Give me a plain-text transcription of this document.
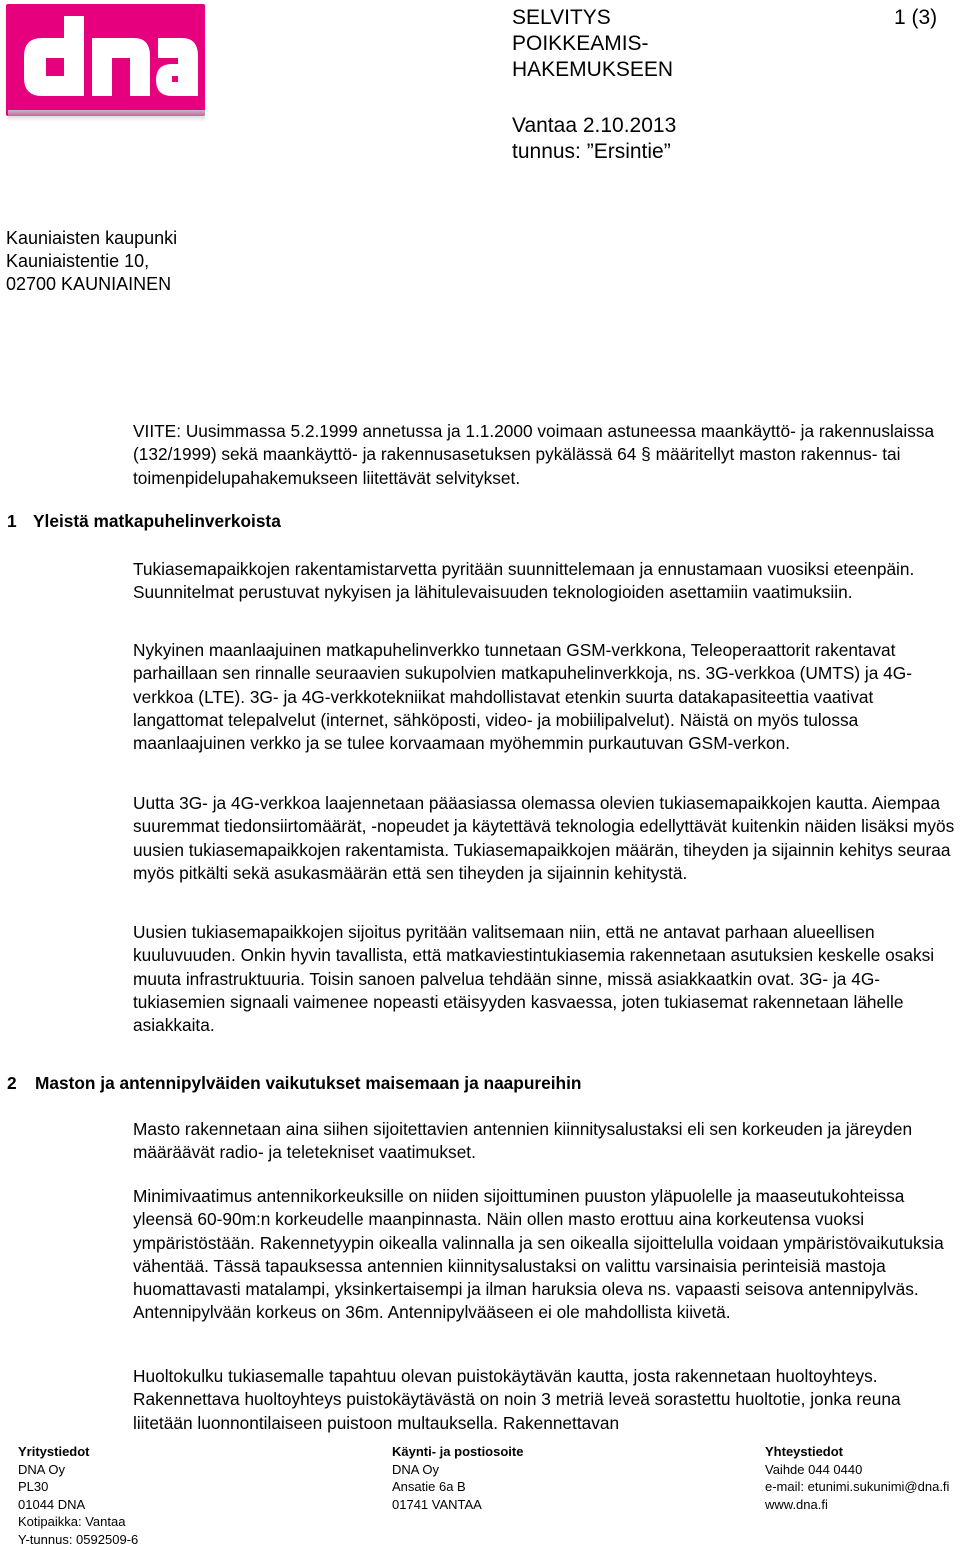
SELVITYS
POIKKEAMIS-
HAKEMUKSEEN
1 (3)
Vantaa 2.10.2013
tunnus: ”Ersintie”
Kauniaisten kaupunki
Kauniaistentie 10,
02700 KAUNIAINEN
VIITE: Uusimmassa 5.2.1999 annetussa ja 1.1.2000 voimaan astuneessa maankäyttö- ja rakennuslaissa (132/1999) sekä maankäyttö- ja rakennusasetuksen pykälässä 64 § määritellyt maston rakennus- tai toimenpidelupahakemukseen liitettävät selvitykset.
1 Yleistä matkapuhelinverkoista
Tukiasemapaikkojen rakentamistarvetta pyritään suunnittelemaan ja ennustamaan vuosiksi eteenpäin. Suunnitelmat perustuvat nykyisen ja lähitulevaisuuden teknologioiden asettamiin vaatimuksiin.
Nykyinen maanlaajuinen matkapuhelinverkko tunnetaan GSM-verkkona, Teleoperaattorit rakentavat parhaillaan sen rinnalle seuraavien sukupolvien matkapuhelinverkkoja, ns. 3G-verkkoa (UMTS) ja 4G-verkkoa (LTE). 3G- ja 4G-verkkotekniikat mahdollistavat etenkin suurta datakapasiteettia vaativat langattomat telepalvelut (internet, sähköposti, video- ja mobiilipalvelut). Näistä on myös tulossa maanlaajuinen verkko ja se tulee korvaamaan myöhemmin purkautuvan GSM-verkon.
Uutta 3G- ja 4G-verkkoa laajennetaan pääasiassa olemassa olevien tukiasemapaikkojen kautta. Aiempaa suuremmat tiedonsiirtomäärät, -nopeudet ja käytettävä teknologia edellyttävät kuitenkin näiden lisäksi myös uusien tukiasemapaikkojen rakentamista. Tukiasemapaikkojen määrän, tiheyden ja sijainnin kehitys seuraa myös pitkälti sekä asukasmäärän että sen tiheyden ja sijainnin kehitystä.
Uusien tukiasemapaikkojen sijoitus pyritään valitsemaan niin, että ne antavat parhaan alueellisen kuuluvuuden. Onkin hyvin tavallista, että matkaviestintukiasemia rakennetaan asutuksien keskelle osaksi muuta infrastruktuuria. Toisin sanoen palvelua tehdään sinne, missä asiakkaatkin ovat. 3G- ja 4G-tukiasemien signaali vaimenee nopeasti etäisyyden kasvaessa, joten tukiasemat rakennetaan lähelle asiakkaita.
2 Maston ja antennipylväiden vaikutukset maisemaan ja naapureihin
Masto rakennetaan aina siihen sijoitettavien antennien kiinnitysalustaksi eli sen korkeuden ja järeyden määräävät radio- ja teletekniset vaatimukset.
Minimivaatimus antennikorkeuksille on niiden sijoittuminen puuston yläpuolelle ja maaseutukohteissa yleensä 60-90m:n korkeudelle maanpinnasta. Näin ollen masto erottuu aina korkeutensa vuoksi ympäristöstään. Rakennetyypin oikealla valinnalla ja sen oikealla sijoittelulla voidaan ympäristövaikutuksia vähentää. Tässä tapauksessa antennien kiinnitysalustaksi on valittu varsinaisia perinteisiä mastoja huomattavasti matalampi, yksinkertaisempi ja ilman haruksia oleva ns. vapaasti seisova antennipylväs. Antennipylvään korkeus on 36m. Antennipylvääseen ei ole mahdollista kiivetä.
Huoltokulku tukiasemalle tapahtuu olevan puistokäytävän kautta, josta rakennetaan huoltoyhteys. Rakennettava huoltoyhteys puistokäytävästä on noin 3 metriä leveä sorastettu huoltotie, jonka reuna liitetään luonnontilaiseen puistoon multauksella. Rakennettavan
Yritystiedot
DNA Oy
PL30
01044 DNA
Kotipaikka: Vantaa
Y-tunnus: 0592509-6
Käynti- ja postiosoite
DNA Oy
Ansatie 6a B
01741 VANTAA
Yhteystiedot
Vaihde 044 0440
e-mail: etunimi.sukunimi@dna.fi
www.dna.fi
